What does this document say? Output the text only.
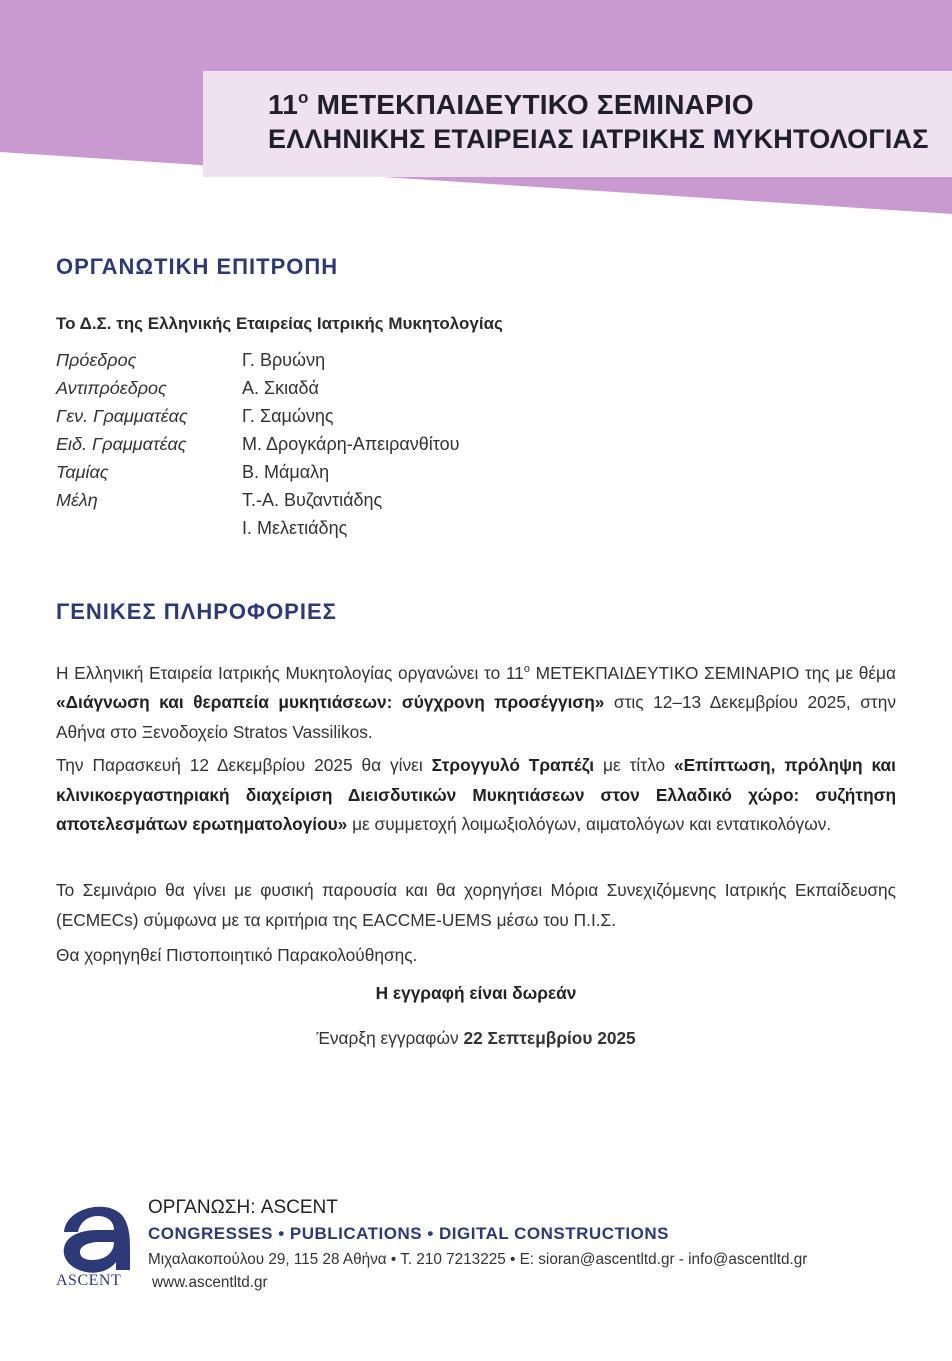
$11^o$ ΜΕΤΕΚΠΑΙΔΕΥΤΙΚΟ ΣΕΜΙΝΑΡΙΟ
ΕΛΛΗΝΙΚΗΣ ΕΤΑΙΡΕΙΑΣ ΙΑΤΡΙΚΗΣ ΜΥΚΗΤΟΛΟΓΙΑΣ
ΟΡΓΑΝΩΤΙΚΗ ΕΠΙΤΡΟΠΗ
Το Δ.Σ. της Ελληνικής Εταιρείας Ιατρικής Μυκητολογίας
Πρόεδρος	Γ. Βρυώνη
Αντιπρόεδρος	Α. Σκιαδά
Γεν. Γραμματέας	Γ. Σαμώνης
Ειδ. Γραμματέας	Μ. Δρογκάρη-Απειρανθίτου
Ταμίας	Β. Μάμαλη
Μέλη	Τ.-Α. Βυζαντιάδης
Ι. Μελετιάδης
ΓΕΝΙΚΕΣ ΠΛΗΡΟΦΟΡΙΕΣ
Η Ελληνική Εταιρεία Ιατρικής Μυκητολογίας οργανώνει το $11^o$ ΜΕΤΕΚΠΑΙΔΕΥΤΙΚΟ ΣΕΜΙΝΑΡΙΟ της με θέμα «Διάγνωση και θεραπεία μυκητιάσεων: σύγχρονη προσέγγιση» στις 12–13 Δεκεμβρίου 2025, στην Αθήνα στο Ξενοδοχείο Stratos Vassilikos.
Την Παρασκευή 12 Δεκεμβρίου 2025 θα γίνει Στρογγυλό Τραπέζι με τίτλο «Επίπτωση, πρόληψη και κλινικοεργαστηριακή διαχείριση Διεισδυτικών Μυκητιάσεων στον Ελλαδικό χώρο: συζήτηση αποτελεσμάτων ερωτηματολογίου» με συμμετοχή λοιμωξιολόγων, αιματολόγων και εντατικολόγων.
Το Σεμινάριο θα γίνει με φυσική παρουσία και θα χορηγήσει Μόρια Συνεχιζόμενης Ιατρικής Εκπαίδευσης (ECMECs) σύμφωνα με τα κριτήρια της EACCME-UEMS μέσω του Π.Ι.Σ.
Θα χορηγηθεί Πιστοποιητικό Παρακολούθησης.
Η εγγραφή είναι δωρεάν
Έναρξη εγγραφών 22 Σεπτεμβρίου 2025
ASCENT
ΟΡΓΑΝΩΣΗ: ASCENT
CONGRESSES • PUBLICATIONS • DIGITAL CONSTRUCTIONS
Μιχαλακοπούλου 29, 115 28 Αθήνα • Τ. 210 7213225 • E: sioran@ascentltd.gr - info@ascentltd.gr
www.ascentltd.gr
